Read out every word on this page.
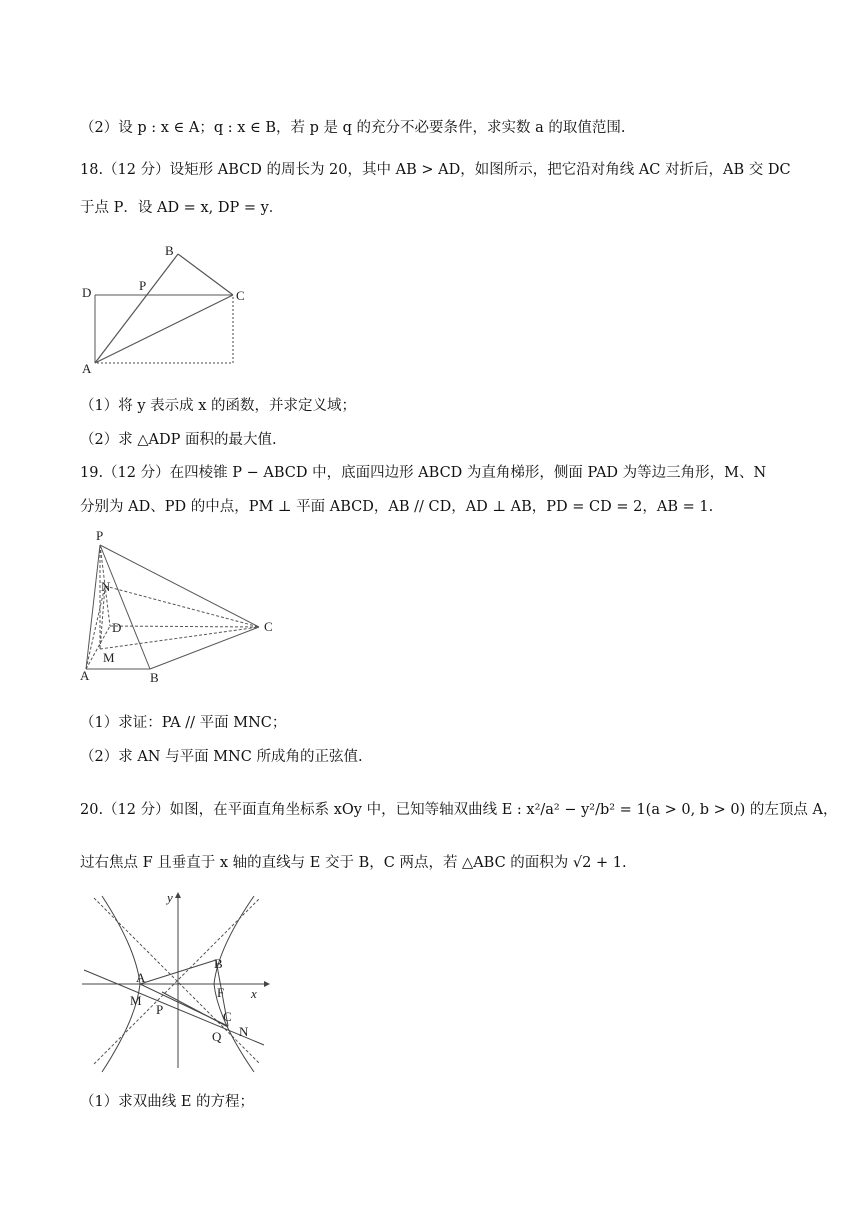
（2）设 p : x ∈ A；q : x ∈ B，若 p 是 q 的充分不必要条件，求实数 a 的取值范围.
18.（12 分）设矩形 ABCD 的周长为 20，其中 AB > AD，如图所示，把它沿对角线 AC 对折后，AB 交 DC
于点 P．设 AD = x, DP = y．
B
D	P
C
A
（1）将 y 表示成 x 的函数，并求定义域；
（2）求 △ADP 面积的最大值.
19.（12 分）在四棱锥 P − ABCD 中，底面四边形 ABCD 为直角梯形，侧面 PAD 为等边三角形，M、N
分别为 AD、PD 的中点，PM ⊥ 平面 ABCD，AB // CD，AD ⊥ AB，PD = CD = 2，AB = 1.
P
N
D	C
M
A	B
（1）求证：PA // 平面 MNC；
（2）求 AN 与平面 MNC 所成角的正弦值.
20.（12 分）如图，在平面直角坐标系 xOy 中，已知等轴双曲线 E : x²/a² − y²/b² = 1(a > 0, b > 0) 的左顶点 A，
过右焦点 F 且垂直于 x 轴的直线与 E 交于 B，C 两点，若 △ABC 的面积为 √2 + 1.
y
B
A
F x
M
P	C
N
Q
（1）求双曲线 E 的方程；
